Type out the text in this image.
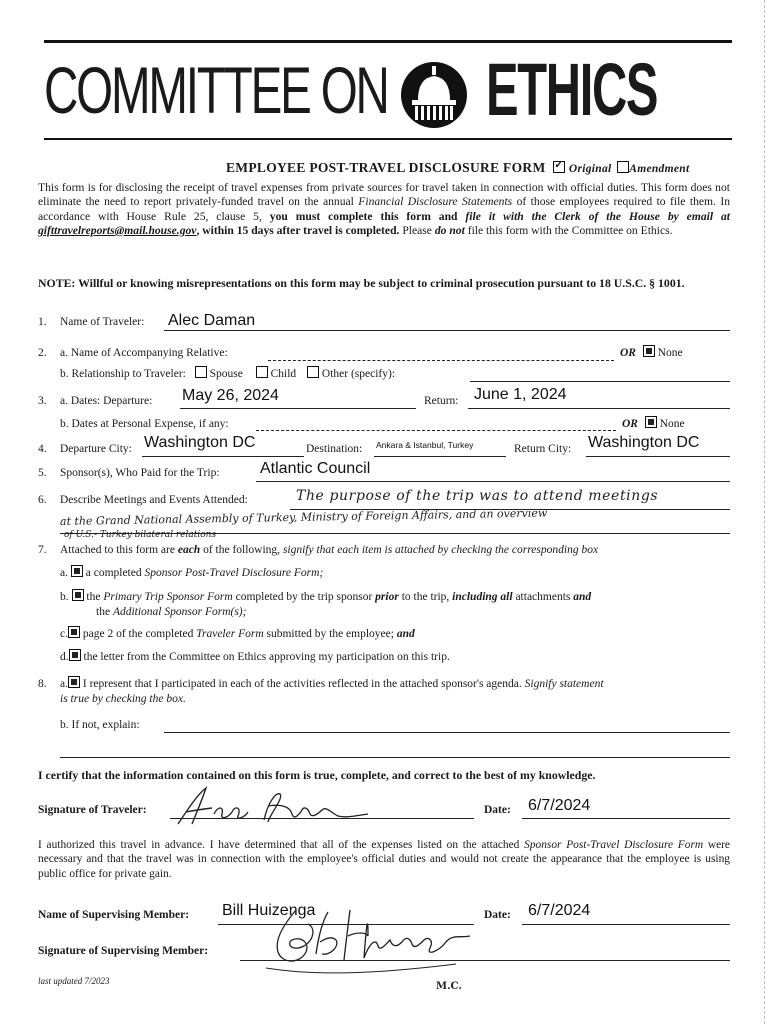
COMMITTEE ON ETHICS
EMPLOYEE POST-TRAVEL DISCLOSURE FORM ✓ Original Amendment
This form is for disclosing the receipt of travel expenses from private sources for travel taken in connection with official duties. This form does not eliminate the need to report privately-funded travel on the annual Financial Disclosure Statements of those employees required to file them. In accordance with House Rule 25, clause 5, you must complete this form and file it with the Clerk of the House by email at gifttravelreports@mail.house.gov, within 15 days after travel is completed. Please do not file this form with the Committee on Ethics.
NOTE: Willful or knowing misrepresentations on this form may be subject to criminal prosecution pursuant to 18 U.S.C. § 1001.
1. Name of Traveler: Alec Daman
2. a. Name of Accompanying Relative:	OR None
b. Relationship to Traveler: Spouse Child Other (specify):
3. a. Dates: Departure: May 26, 2024	Return: June 1, 2024
b. Dates at Personal Expense, if any:	OR None
4. Departure City: Washington DC	Destination: Ankara & Istanbul, Turkey	Return City: Washington DC
5. Sponsor(s), Who Paid for the Trip:	Atlantic Council
6. Describe Meetings and Events Attended:	The purpose of the trip was to attend meetings
at the Grand National Assembly of Turkey, Ministry of Foreign Affairs, and an overview
of U.S.- Turkey bilateral relations
7. Attached to this form are each of the following, signify that each item is attached by checking the corresponding box
a. a completed Sponsor Post-Travel Disclosure Form;
b. the Primary Trip Sponsor Form completed by the trip sponsor prior to the trip, including all attachments and
the Additional Sponsor Form(s);
c. page 2 of the completed Traveler Form submitted by the employee; and
d. the letter from the Committee on Ethics approving my participation on this trip.
8. a. I represent that I participated in each of the activities reflected in the attached sponsor's agenda. Signify statement
is true by checking the box.
b. If not, explain:
I certify that the information contained on this form is true, complete, and correct to the best of my knowledge.
Signature of Traveler:	Date: 6/7/2024
I authorized this travel in advance. I have determined that all of the expenses listed on the attached Sponsor Post-Travel Disclosure Form were necessary and that the travel was in connection with the employee's official duties and would not create the appearance that the employee is using public office for private gain.
Name of Supervising Member: Bill Huizenga	Date: 6/7/2024
Signature of Supervising Member:
M.C.
last updated 7/2023
